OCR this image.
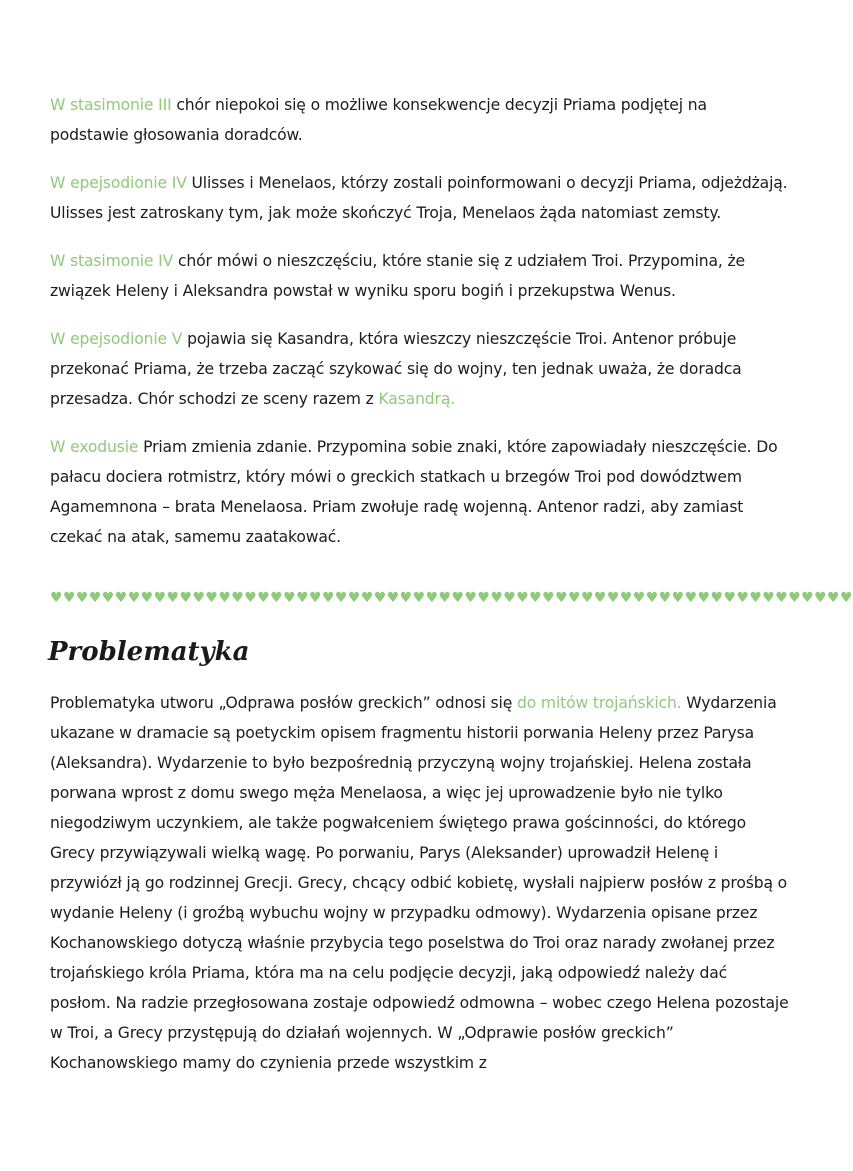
W stasimonie III chór niepokoi się o możliwe konsekwencje decyzji Priama podjętej na podstawie głosowania doradców.

W epejsodionie IV Ulisses i Menelaos, którzy zostali poinformowani o decyzji Priama, odjeżdżają. Ulisses jest zatroskany tym, jak może skończyć Troja, Menelaos żąda natomiast zemsty.

W stasimonie IV chór mówi o nieszczęściu, które stanie się z udziałem Troi. Przypomina, że związek Heleny i Aleksandra powstał w wyniku sporu bogiń i przekupstwa Wenus.

W epejsodionie V pojawia się Kasandra, która wieszczy nieszczęście Troi. Antenor próbuje przekonać Priama, że trzeba zacząć szykować się do wojny, ten jednak uważa, że doradca przesadza. Chór schodzi ze sceny razem z Kasandrą.

W exodusie Priam zmienia zdanie. Przypomina sobie znaki, które zapowiadały nieszczęście. Do pałacu dociera rotmistrz, który mówi o greckich statkach u brzegów Troi pod dowództwem Agamemnona – brata Menelaosa. Priam zwołuje radę wojenną. Antenor radzi, aby zamiast czekać na atak, samemu zaatakować.

♥♥♥♥♥♥♥♥♥♥♥♥♥♥♥♥♥♥♥♥♥♥♥♥♥♥♥♥♥♥♥♥♥♥♥♥♥♥♥♥♥♥♥♥♥♥♥♥♥♥♥♥♥♥♥♥♥♥♥♥♥♥
Problematyka

Problematyka utworu „Odprawa posłów greckich” odnosi się do mitów trojańskich. Wydarzenia ukazane w dramacie są poetyckim opisem fragmentu historii porwania Heleny przez Parysa (Aleksandra). Wydarzenie to było bezpośrednią przyczyną wojny trojańskiej. Helena została porwana wprost z domu swego męża Menelaosa, a więc jej uprowadzenie było nie tylko niegodziwym uczynkiem, ale także pogwałceniem świętego prawa gościnności, do którego Grecy przywiązywali wielką wagę. Po porwaniu, Parys (Aleksander) uprowadził Helenę i przywiózł ją go rodzinnej Grecji. Grecy, chcący odbić kobietę, wysłali najpierw posłów z prośbą o wydanie Heleny (i groźbą wybuchu wojny w przypadku odmowy). Wydarzenia opisane przez Kochanowskiego dotyczą właśnie przybycia tego poselstwa do Troi oraz narady zwołanej przez trojańskiego króla Priama, która ma na celu podjęcie decyzji, jaką odpowiedź należy dać posłom. Na radzie przegłosowana zostaje odpowiedź odmowna – wobec czego Helena pozostaje w Troi, a Grecy przystępują do działań wojennych. W „Odprawie posłów greckich” Kochanowskiego mamy do czynienia przede wszystkim z
